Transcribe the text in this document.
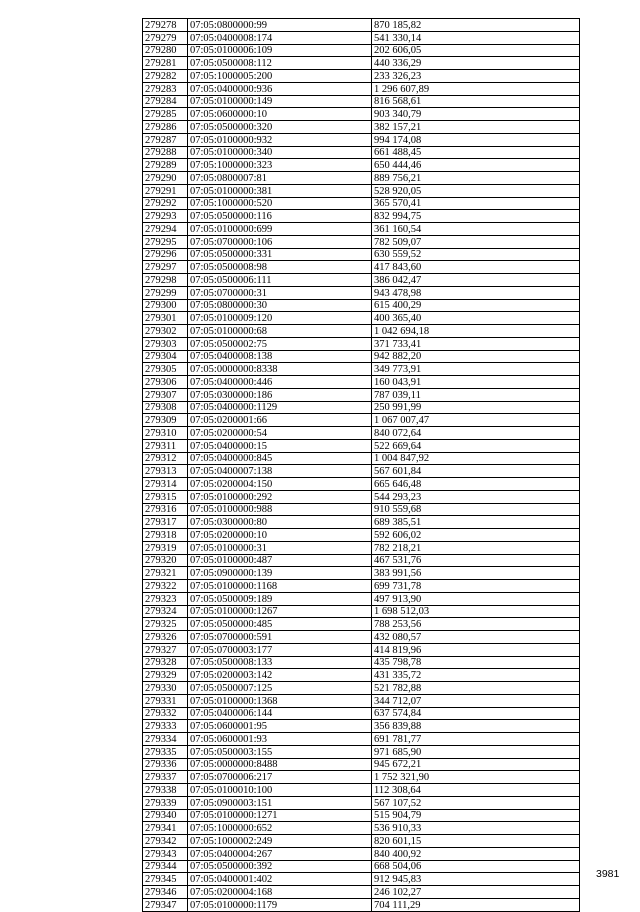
279278	07:05:0800000:99	870 185,82
279279	07:05:0400008:174	541 330,14
279280	07:05:0100006:109	202 606,05
279281	07:05:0500008:112	440 336,29
279282	07:05:1000005:200	233 326,23
279283	07:05:0400000:936	1 296 607,89
279284	07:05:0100000:149	816 568,61
279285	07:05:0600000:10	903 340,79
279286	07:05:0500000:320	382 157,21
279287	07:05:0100000:932	994 174,08
279288	07:05:0100000:340	661 488,45
279289	07:05:1000000:323	650 444,46
279290	07:05:0800007:81	889 756,21
279291	07:05:0100000:381	528 920,05
279292	07:05:1000000:520	365 570,41
279293	07:05:0500000:116	832 994,75
279294	07:05:0100000:699	361 160,54
279295	07:05:0700000:106	782 509,07
279296	07:05:0500000:331	630 559,52
279297	07:05:0500008:98	417 843,60
279298	07:05:0500006:111	386 042,47
279299	07:05:0700000:31	943 478,98
279300	07:05:0800000:30	615 400,29
279301	07:05:0100009:120	400 365,40
279302	07:05:0100000:68	1 042 694,18
279303	07:05:0500002:75	371 733,41
279304	07:05:0400008:138	942 882,20
279305	07:05:0000000:8338	349 773,91
279306	07:05:0400000:446	160 043,91
279307	07:05:0300000:186	787 039,11
279308	07:05:0400000:1129	250 991,99
279309	07:05:0200001:66	1 067 007,47
279310	07:05:0200000:54	840 072,64
279311	07:05:0400000:15	522 669,64
279312	07:05:0400000:845	1 004 847,92
279313	07:05:0400007:138	567 601,84
279314	07:05:0200004:150	665 646,48
279315	07:05:0100000:292	544 293,23
279316	07:05:0100000:988	910 559,68
279317	07:05:0300000:80	689 385,51
279318	07:05:0200000:10	592 606,02
279319	07:05:0100000:31	782 218,21
279320	07:05:0100000:487	467 531,76
279321	07:05:0900000:139	383 991,56
279322	07:05:0100000:1168	699 731,78
279323	07:05:0500009:189	497 913,90
279324	07:05:0100000:1267	1 698 512,03
279325	07:05:0500000:485	788 253,56
279326	07:05:0700000:591	432 080,57
279327	07:05:0700003:177	414 819,96
279328	07:05:0500008:133	435 798,78
279329	07:05:0200003:142	431 335,72
279330	07:05:0500007:125	521 782,88
279331	07:05:0100000:1368	344 712,07
279332	07:05:0400006:144	637 574,84
279333	07:05:0600001:95	356 839,88
279334	07:05:0600001:93	691 781,77
279335	07:05:0500003:155	971 685,90
279336	07:05:0000000:8488	945 672,21
279337	07:05:0700006:217	1 752 321,90
279338	07:05:0100010:100	112 308,64
279339	07:05:0900003:151	567 107,52
279340	07:05:0100000:1271	515 904,79
279341	07:05:1000000:652	536 910,33
279342	07:05:1000002:249	820 601,15
279343	07:05:0400004:267	840 400,92
279344	07:05:0500000:392	668 504,06
279345	07:05:0400001:402	912 945,83
279346	07:05:0200004:168	246 102,27
279347	07:05:0100000:1179	704 111,29
3981
